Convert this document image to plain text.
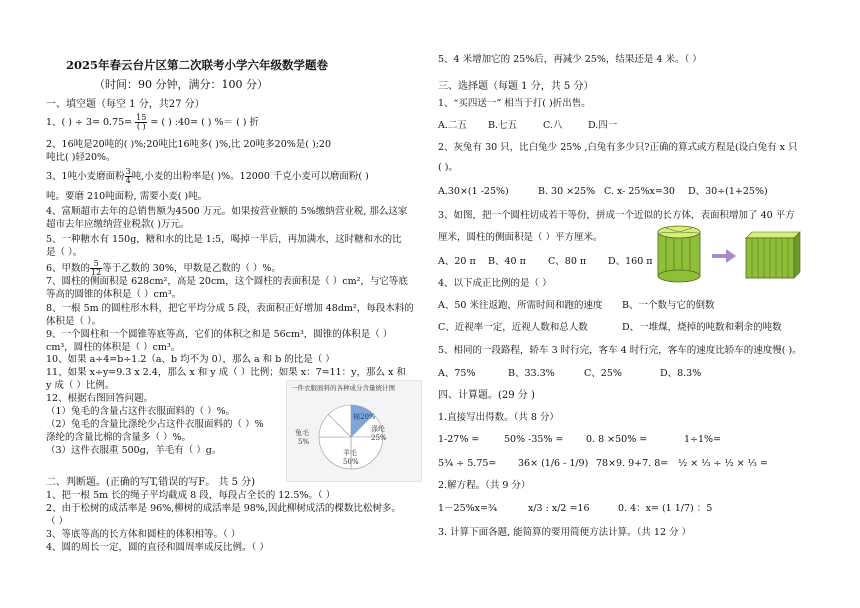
2025年春云台片区第二次联考小学六年级数学题卷
（时间：90 分钟，满分：100 分）
一、填空题（每空 1 分，共27 分）
1、( ) ÷ $3= 0.75= \frac{15}{( )}$ = ( ) :40= ( ) %＝ ( ) 折
2、16吨是20吨的( )%;20吨比16吨多( )%,比 20吨多20%是( );20
吨比( )轻20%。
3、1吨小麦磨面粉 $\frac{3}{4}$ 吨,小麦的出粉率是( )%。12000 千克小麦可以磨面粉( )
吨。要磨 210吨面粉, 需要小麦( )吨。
4、富顺超市去年的总销售额为4500 万元。如果按营业额的 5%缴纳营业税, 那么这家
超市去年应缴纳营业税款( )万元。
5、一种糖水有 150g，糖和水的比是 1:5，喝掉一半后，再加满水，这时糖和水的比
是（ ）。
6、甲数的 $\frac{5}{12}$ 等于乙数的 30%，甲数是乙数的（ ）%。
7、圆柱的侧面积是 628cm²，高是 20cm，这个圆柱的表面积是（ ）cm²，与它等底
等高的圆锥的体积是（ ）cm³。
8、一根 5m 的圆柱形木料，把它平均分成 5 段，表面积正好增加 48dm²，每段木料的
体积是（ ）。
9、一个圆柱和一个圆锥等底等高，它们的体积之和是 56cm³，圆锥的体积是（ ）
cm³，圆柱的体积是（ ）cm³。
10、如果 a÷4=b÷1.2（a、b 均不为 0），那么 a 和 b 的比是（ ）
11、如果 x÷y=9.3 x 2.4，那么 x 和 y 成（ ）比例；如果 x：7=11：y，那么 x 和
y 成（ ）比例。
12、根据右图回答问题。
（1）兔毛的含量占这件衣服面料的（ ）%。
（2）兔毛的含量比涤纶少占这件衣服面料的（ ）%
涤纶的含量比棉的含量多（ ）%。
（3）这件衣服重 500g，羊毛有（ ）g。
一件衣服面料的各种成分含量统计图
棉20%
涤纶
25%
兔毛
5%
羊毛
50%
二、判断题。(正确的写T,错误的写F。 共 5 分)
1、把一根 5m 长的绳子平均截成 8 段，每段占全长的 12.5%。（ ）
2、由于松树的成活率是 96%,柳树的成活率是 98%,因此柳树成活的棵数比松树多。
（ ）
3、等底等高的长方体和圆柱的体积相等。（ ）
4、圆的周长一定，圆的直径和圆周率成反比例。（ ）
5、4 米增加它的 25%后，再减少 25%，结果还是 4 米。（ ）
三、选择题（每题 1 分，共 5 分）
1、“买四送一” 相当于打( )折出售。
A.二五 B.七五	C.八	D.四一
2、灰兔有 30 只，比白兔少 25% ,白兔有多少只?正确的算式或方程是(设白兔有 x 只
( )。
A.30×(1 -25%)	B. 30 ×25% C. x- 25%x=30 D、30÷(1+25%)
3、如图，把一个圆柱切成若干等份，拼成一个近似的长方体，表面积增加了 40 平方
厘米，圆柱的侧面积是（ ）平方厘米。
A、20 π B、40 π C、80 π D、160 π
4、以下成正比例的是（ ）
A、50 米往返跑，所需时间和跑的速度 B、一个数与它的倒数
C、近视率一定，近视人数和总人数	D、一堆煤，烧掉的吨数和剩余的吨数
5、相同的一段路程，轿车 3 时行完，客车 4 时行完，客车的速度比轿车的速度慢( )。
A、75%	B、33.3%	C、25%	D、8.3%
四、计算题。(29 分 )
1.直接写出得数。（共 8 分）
1-27% =	50% -35% = 0. 8 ×50% =	1÷1%=
5¾ ÷ 5.75= 36× (1/6 - 1/9) 78×9. 9+7. 8= ½ × ⅓ ÷ ½ × ⅓ =
2.解方程。（共 9 分）
1－25%x=¾	x/3 : x/2 =16	0. 4：x= (1 1/7) ：5
3. 计算下面各题, 能简算的要用简便方法计算。（共 12 分 ）
